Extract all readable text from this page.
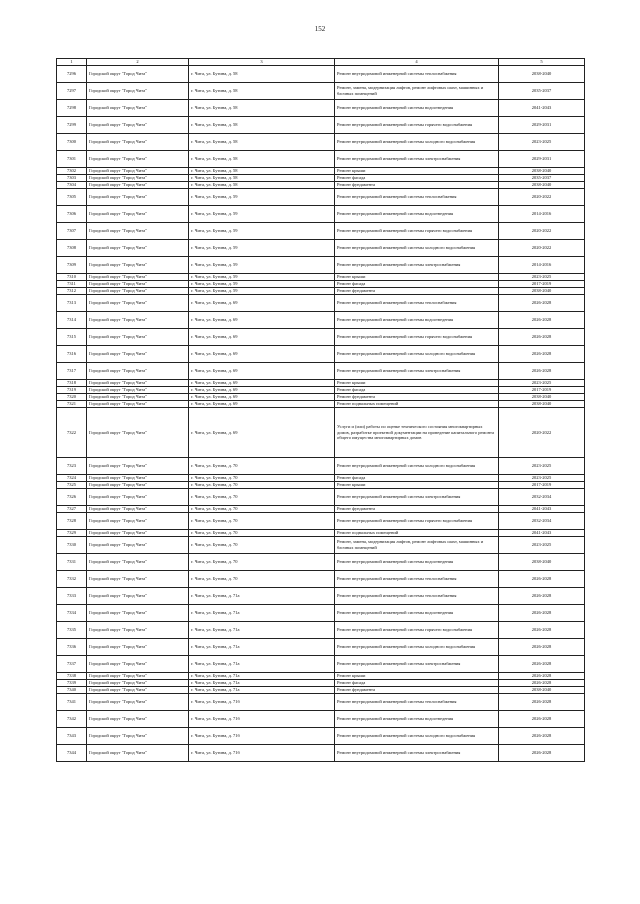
152
1	2	3	4	5
7296	Городской округ "Город Чита"	г. Чита, ул. Бутина, д. 58	Ремонт внутридомовой инженерной системы теплоснабжения	2038-2040
7297	Городской округ "Город Чита"	г. Чита, ул. Бутина, д. 58	Ремонт, замена, модернизация лифтов, ремонт лифтовых шахт, машинных и блочных помещений	2035-2037
7298	Городской округ "Город Чита"	г. Чита, ул. Бутина, д. 58	Ремонт внутридомовой инженерной системы водоотведения	2041-2043
7299	Городской округ "Город Чита"	г. Чита, ул. Бутина, д. 58	Ремонт внутридомовой инженерной системы горячего водоснабжения	2029-2031
7300	Городской округ "Город Чита"	г. Чита, ул. Бутина, д. 58	Ремонт внутридомовой инженерной системы холодного водоснабжения	2023-2025
7301	Городской округ "Город Чита"	г. Чита, ул. Бутина, д. 58	Ремонт внутридомовой инженерной системы электроснабжения	2029-2031
7302	Городской округ "Город Чита"	г. Чита, ул. Бутина, д. 58	Ремонт крыши	2038-2040
7303	Городской округ "Город Чита"	г. Чита, ул. Бутина, д. 58	Ремонт фасада	2035-2037
7304	Городской округ "Город Чита"	г. Чита, ул. Бутина, д. 58	Ремонт фундамента	2038-2040
7305	Городской округ "Город Чита"	г. Чита, ул. Бутина, д. 59	Ремонт внутридомовой инженерной системы теплоснабжения	2020-2022
7306	Городской округ "Город Чита"	г. Чита, ул. Бутина, д. 59	Ремонт внутридомовой инженерной системы водоотведения	2014-2016
7307	Городской округ "Город Чита"	г. Чита, ул. Бутина, д. 59	Ремонт внутридомовой инженерной системы горячего водоснабжения	2020-2022
7308	Городской округ "Город Чита"	г. Чита, ул. Бутина, д. 59	Ремонт внутридомовой инженерной системы холодного водоснабжения	2020-2022
7309	Городской округ "Город Чита"	г. Чита, ул. Бутина, д. 59	Ремонт внутридомовой инженерной системы электроснабжения	2014-2016
7310	Городской округ "Город Чита"	г. Чита, ул. Бутина, д. 59	Ремонт крыши	2023-2025
7311	Городской округ "Город Чита"	г. Чита, ул. Бутина, д. 59	Ремонт фасада	2017-2019
7312	Городской округ "Город Чита"	г. Чита, ул. Бутина, д. 59	Ремонт фундамента	2038-2040
7313	Городской округ "Город Чита"	г. Чита, ул. Бутина, д. 69	Ремонт внутридомовой инженерной системы теплоснабжения	2026-2028
7314	Городской округ "Город Чита"	г. Чита, ул. Бутина, д. 69	Ремонт внутридомовой инженерной системы водоотведения	2026-2028
7315	Городской округ "Город Чита"	г. Чита, ул. Бутина, д. 69	Ремонт внутридомовой инженерной системы горячего водоснабжения	2026-2028
7316	Городской округ "Город Чита"	г. Чита, ул. Бутина, д. 69	Ремонт внутридомовой инженерной системы холодного водоснабжения	2026-2028
7317	Городской округ "Город Чита"	г. Чита, ул. Бутина, д. 69	Ремонт внутридомовой инженерной системы электроснабжения	2026-2028
7318	Городской округ "Город Чита"	г. Чита, ул. Бутина, д. 69	Ремонт крыши	2023-2025
7319	Городской округ "Город Чита"	г. Чита, ул. Бутина, д. 69	Ремонт фасада	2017-2019
7320	Городской округ "Город Чита"	г. Чита, ул. Бутина, д. 69	Ремонт фундамента	2038-2040
7321	Городской округ "Город Чита"	г. Чита, ул. Бутина, д. 69	Ремонт подвальных помещений	2038-2040
7322	Городской округ "Город Чита"	г. Чита, ул. Бутина, д. 69	Услуги и (или) работы по оценке технического состояния многоквартирных домов, разработке проектной документации на проведение капитального ремонта общего имущества многоквартирных домов	2020-2022
7323	Городской округ "Город Чита"	г. Чита, ул. Бутина, д. 70	Ремонт внутридомовой инженерной системы холодного водоснабжения	2023-2025
7324	Городской округ "Город Чита"	г. Чита, ул. Бутина, д. 70	Ремонт фасада	2023-2025
7325	Городской округ "Город Чита"	г. Чита, ул. Бутина, д. 70	Ремонт крыши	2017-2019
7326	Городской округ "Город Чита"	г. Чита, ул. Бутина, д. 70	Ремонт внутридомовой инженерной системы электроснабжения	2032-2034
7327	Городской округ "Город Чита"	г. Чита, ул. Бутина, д. 70	Ремонт фундамента	2041-2043
7328	Городской округ "Город Чита"	г. Чита, ул. Бутина, д. 70	Ремонт внутридомовой инженерной системы горячего водоснабжения	2032-2034
7329	Городской округ "Город Чита"	г. Чита, ул. Бутина, д. 70	Ремонт подвальных помещений	2041-2043
7330	Городской округ "Город Чита"	г. Чита, ул. Бутина, д. 70	Ремонт, замена, модернизация лифтов, ремонт лифтовых шахт, машинных и блочных помещений	2023-2025
7331	Городской округ "Город Чита"	г. Чита, ул. Бутина, д. 70	Ремонт внутридомовой инженерной системы водоотведения	2038-2040
7332	Городской округ "Город Чита"	г. Чита, ул. Бутина, д. 70	Ремонт внутридомовой инженерной системы теплоснабжения	2026-2028
7333	Городской округ "Город Чита"	г. Чита, ул. Бутина, д. 71а	Ремонт внутридомовой инженерной системы теплоснабжения	2026-2028
7334	Городской округ "Город Чита"	г. Чита, ул. Бутина, д. 71а	Ремонт внутридомовой инженерной системы водоотведения	2026-2028
7335	Городской округ "Город Чита"	г. Чита, ул. Бутина, д. 71а	Ремонт внутридомовой инженерной системы горячего водоснабжения	2026-2028
7336	Городской округ "Город Чита"	г. Чита, ул. Бутина, д. 71а	Ремонт внутридомовой инженерной системы холодного водоснабжения	2026-2028
7337	Городской округ "Город Чита"	г. Чита, ул. Бутина, д. 71а	Ремонт внутридомовой инженерной системы электроснабжения	2026-2028
7338	Городской округ "Город Чита"	г. Чита, ул. Бутина, д. 71а	Ремонт крыши	2026-2028
7339	Городской округ "Город Чита"	г. Чита, ул. Бутина, д. 71а	Ремонт фасада	2026-2028
7340	Городской округ "Город Чита"	г. Чита, ул. Бутина, д. 71а	Ремонт фундамента	2038-2040
7341	Городской округ "Город Чита"	г. Чита, ул. Бутина, д. 71б	Ремонт внутридомовой инженерной системы теплоснабжения	2026-2028
7342	Городской округ "Город Чита"	г. Чита, ул. Бутина, д. 71б	Ремонт внутридомовой инженерной системы водоотведения	2026-2028
7343	Городской округ "Город Чита"	г. Чита, ул. Бутина, д. 71б	Ремонт внутридомовой инженерной системы холодного водоснабжения	2026-2028
7344	Городской округ "Город Чита"	г. Чита, ул. Бутина, д. 71б	Ремонт внутридомовой инженерной системы электроснабжения	2026-2028
